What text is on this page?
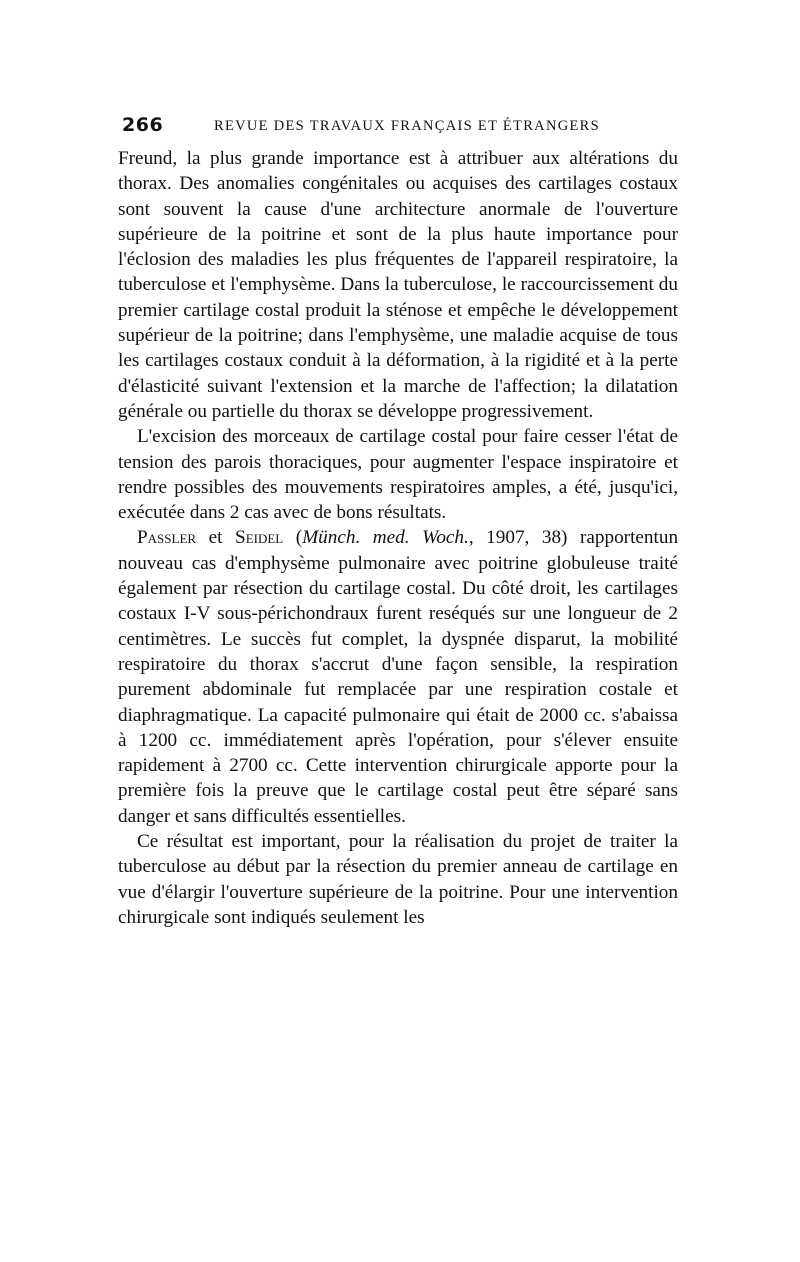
266	REVUE DES TRAVAUX FRANÇAIS ET ÉTRANGERS

Freund, la plus grande importance est à attribuer aux altérations du thorax. Des anomalies congénitales ou acquises des cartilages costaux sont souvent la cause d'une architecture anormale de l'ouverture supérieure de la poitrine et sont de la plus haute importance pour l'éclosion des maladies les plus fréquentes de l'appareil respiratoire, la tuberculose et l'emphysème. Dans la tuberculose, le raccourcissement du premier cartilage costal produit la sténose et empêche le développement supérieur de la poitrine; dans l'emphysème, une maladie acquise de tous les cartilages costaux conduit à la déformation, à la rigidité et à la perte d'élasticité suivant l'extension et la marche de l'affection; la dilatation générale ou partielle du thorax se développe progressivement.

L'excision des morceaux de cartilage costal pour faire cesser l'état de tension des parois thoraciques, pour augmenter l'espace inspiratoire et rendre possibles des mouvements respiratoires amples, a été, jusqu'ici, exécutée dans 2 cas avec de bons résultats.

Passler et Seidel (Münch. med. Woch., 1907, 38) rapportentun nouveau cas d'emphysème pulmonaire avec poitrine globuleuse traité également par résection du cartilage costal. Du côté droit, les cartilages costaux I-V sous-périchondraux furent reséqués sur une longueur de 2 centimètres. Le succès fut complet, la dyspnée disparut, la mobilité respiratoire du thorax s'accrut d'une façon sensible, la respiration purement abdominale fut remplacée par une respiration costale et diaphragmatique. La capacité pulmonaire qui était de 2000 cc. s'abaissa à 1200 cc. immédiatement après l'opération, pour s'élever ensuite rapidement à 2700 cc. Cette intervention chirurgicale apporte pour la première fois la preuve que le cartilage costal peut être séparé sans danger et sans difficultés essentielles.

Ce résultat est important, pour la réalisation du projet de traiter la tuberculose au début par la résection du premier anneau de cartilage en vue d'élargir l'ouverture supérieure de la poitrine. Pour une intervention chirurgicale sont indiqués seulement les
